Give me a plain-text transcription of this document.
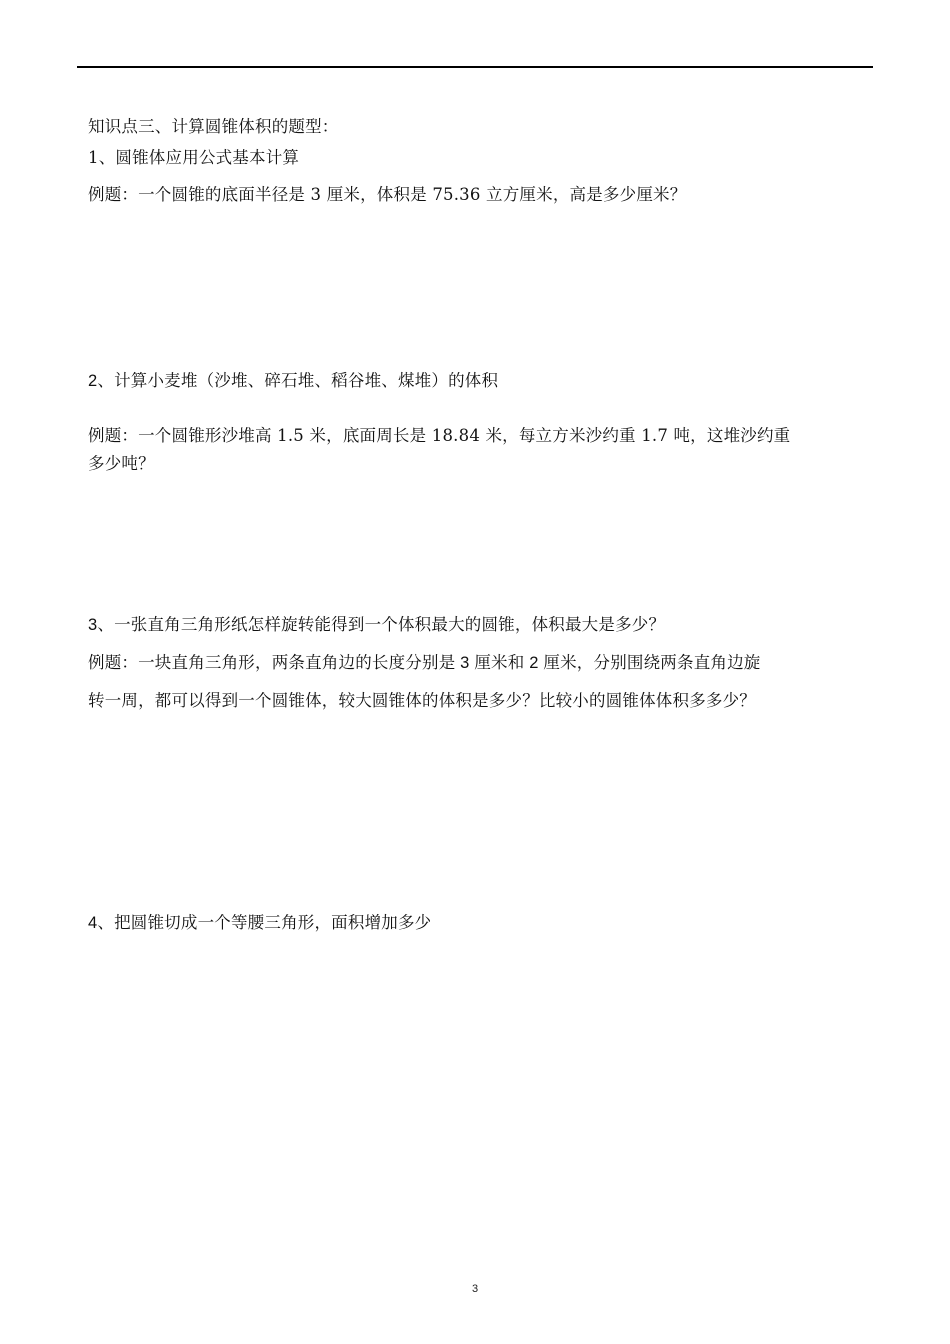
知识点三、计算圆锥体积的题型：
1、圆锥体应用公式基本计算
例题：一个圆锥的底面半径是 3 厘米，体积是 75.36 立方厘米，高是多少厘米？
2、计算小麦堆（沙堆、碎石堆、稻谷堆、煤堆）的体积
例题：一个圆锥形沙堆高 1.5 米，底面周长是 18.84 米，每立方米沙约重 1.7 吨，这堆沙约重
多少吨？
3、一张直角三角形纸怎样旋转能得到一个体积最大的圆锥，体积最大是多少？
例题：一块直角三角形，两条直角边的长度分别是 3 厘米和 2 厘米，分别围绕两条直角边旋
转一周，都可以得到一个圆锥体，较大圆锥体的体积是多少？比较小的圆锥体体积多多少？
4、把圆锥切成一个等腰三角形，面积增加多少
3
